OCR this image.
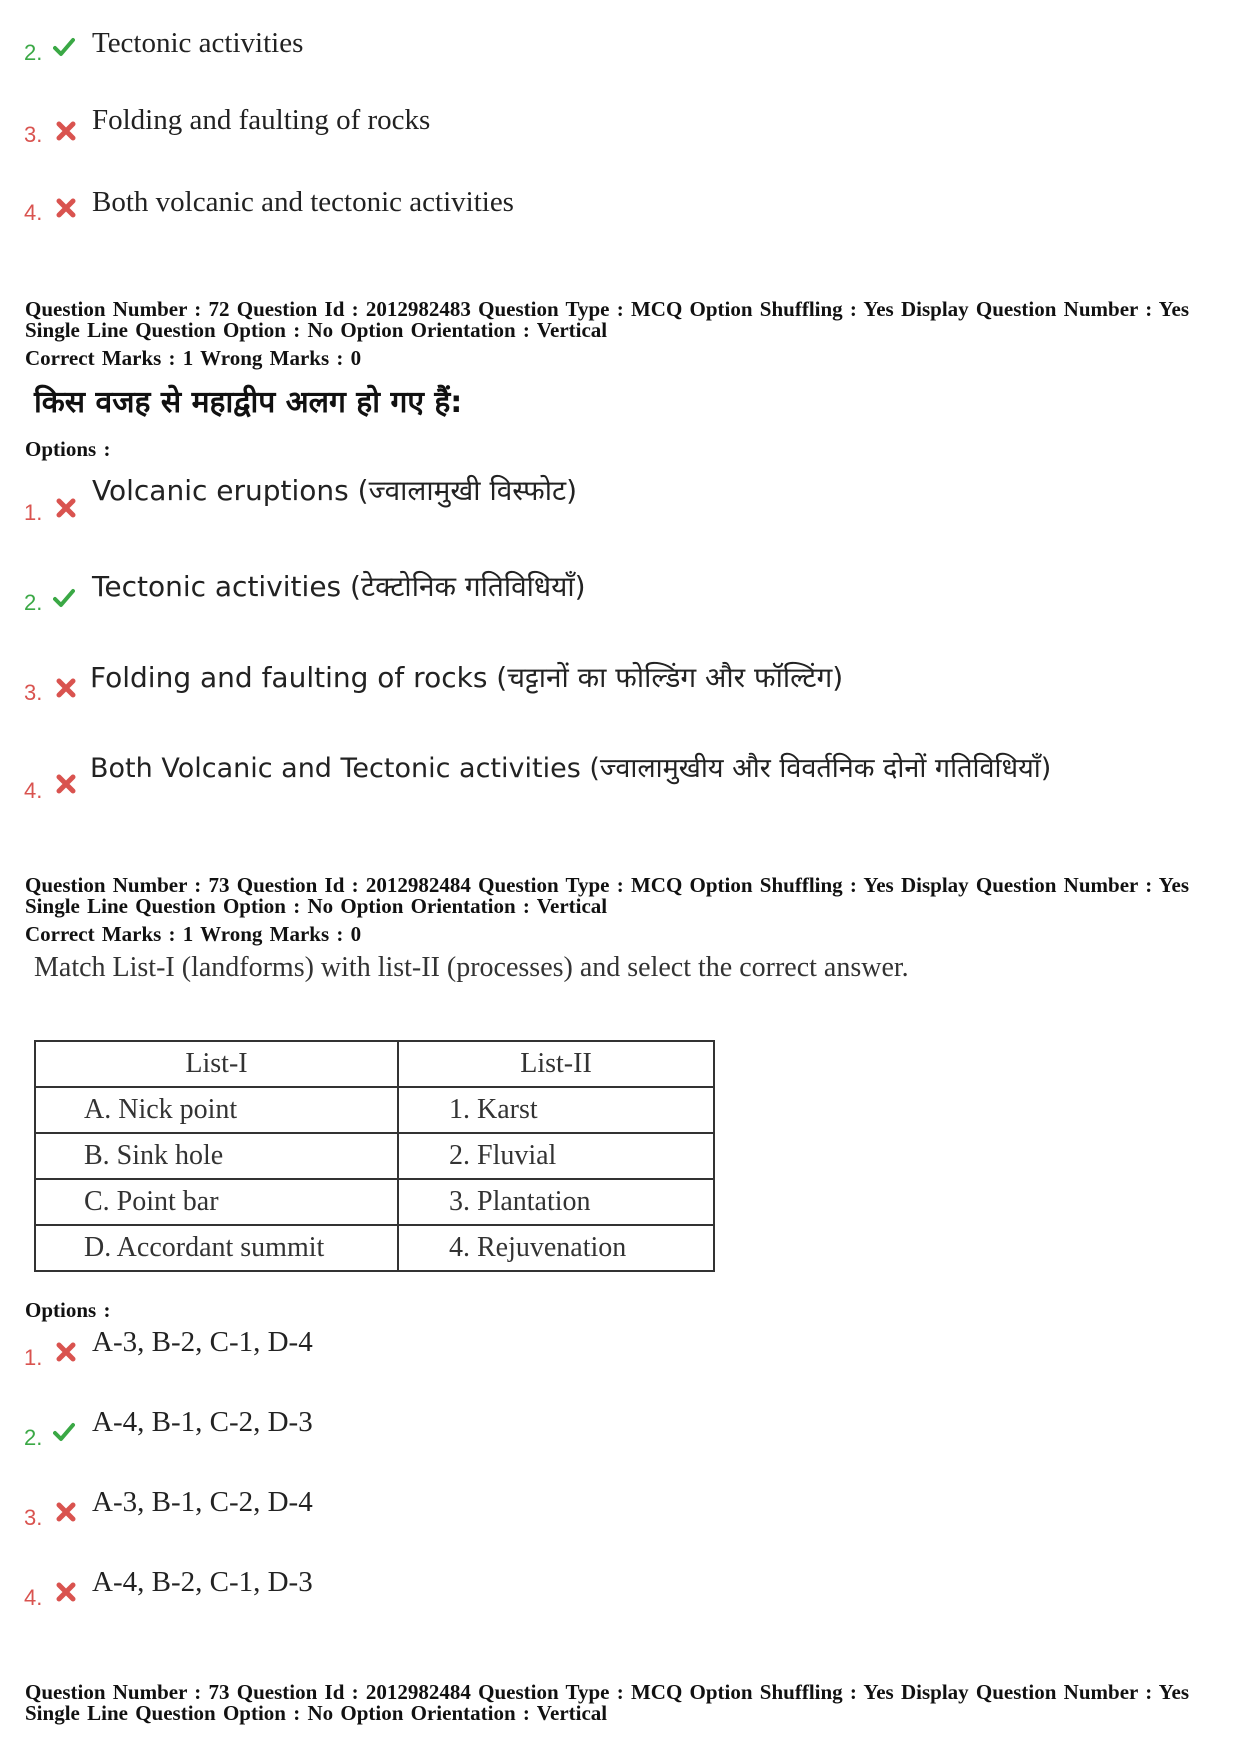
2. Tectonic activities
3. Folding and faulting of rocks
4. Both volcanic and tectonic activities
Question Number : 72 Question Id : 2012982483 Question Type : MCQ Option Shuffling : Yes Display Question Number : Yes
Single Line Question Option : No Option Orientation : Vertical
Correct Marks : 1 Wrong Marks : 0
किस वजह से महाद्वीप अलग हो गए हैं:
Options :
1.
Volcanic eruptions (ज्वालामुखी विस्फोट)
2. Tectonic activities (टेक्टोनिक गतिविधियाँ)
3. Folding and faulting of rocks (चट्टानों का फोल्डिंग और फॉल्टिंग)
4.
Both Volcanic and Tectonic activities (ज्वालामुखीय और विवर्तनिक दोनों गतिविधियाँ)
Question Number : 73 Question Id : 2012982484 Question Type : MCQ Option Shuffling : Yes Display Question Number : Yes
Single Line Question Option : No Option Orientation : Vertical
Correct Marks : 1 Wrong Marks : 0
Match List-I (landforms) with list-II (processes) and select the correct answer.
List-I	List-II
A. Nick point	1. Karst
B. Sink hole	2. Fluvial
C. Point bar	3. Plantation
D. Accordant summit	4. Rejuvenation
Options :
1. A-3, B-2, C-1, D-4
2. A-4, B-1, C-2, D-3
3. A-3, B-1, C-2, D-4
4. A-4, B-2, C-1, D-3
Question Number : 73 Question Id : 2012982484 Question Type : MCQ Option Shuffling : Yes Display Question Number : Yes
Single Line Question Option : No Option Orientation : Vertical
